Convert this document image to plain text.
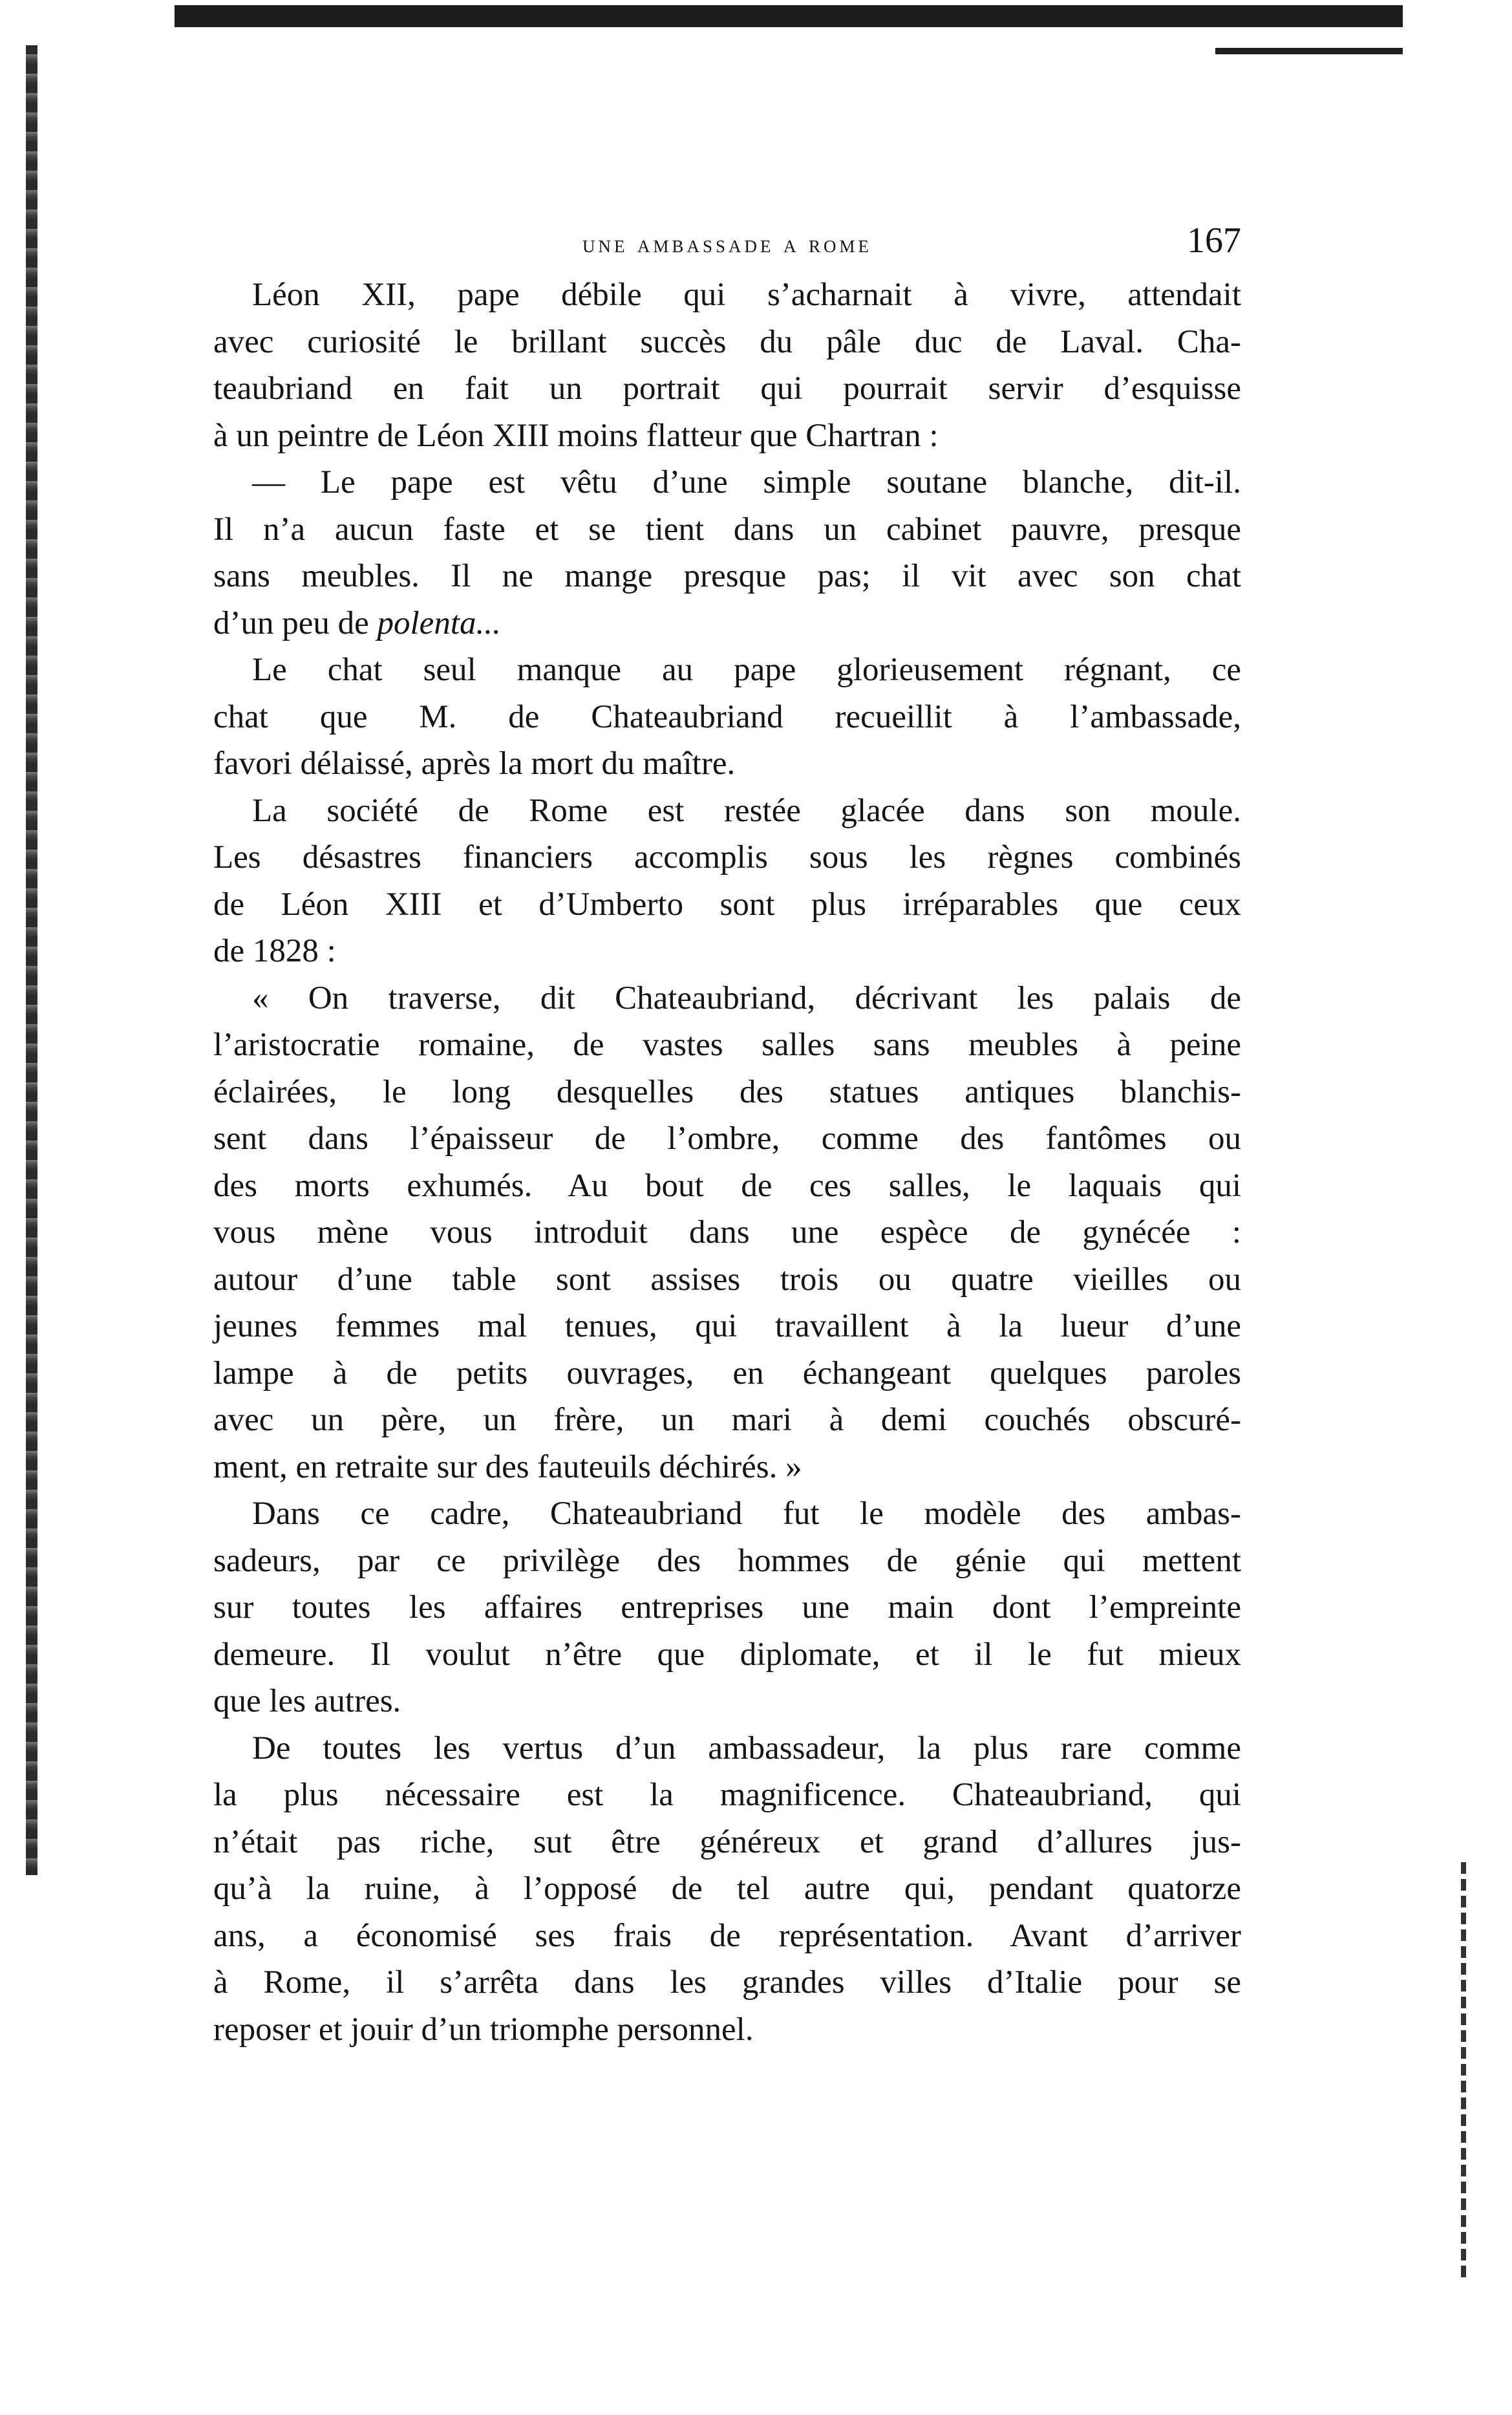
une ambassade a rome	167
Léon XII, pape débile qui s’acharnait à vivre, attendait
avec curiosité le brillant succès du pâle duc de Laval. Cha-
teaubriand en fait un portrait qui pourrait servir d’esquisse
à un peintre de Léon XIII moins flatteur que Chartran :
— Le pape est vêtu d’une simple soutane blanche, dit-il.
Il n’a aucun faste et se tient dans un cabinet pauvre, presque
sans meubles. Il ne mange presque pas; il vit avec son chat
d’un peu de polenta...
Le chat seul manque au pape glorieusement régnant, ce
chat que M. de Chateaubriand recueillit à l’ambassade,
favori délaissé, après la mort du maître.
La société de Rome est restée glacée dans son moule.
Les désastres financiers accomplis sous les règnes combinés
de Léon XIII et d’Umberto sont plus irréparables que ceux
de 1828 :
« On traverse, dit Chateaubriand, décrivant les palais de
l’aristocratie romaine, de vastes salles sans meubles à peine
éclairées, le long desquelles des statues antiques blanchis-
sent dans l’épaisseur de l’ombre, comme des fantômes ou
des morts exhumés. Au bout de ces salles, le laquais qui
vous mène vous introduit dans une espèce de gynécée :
autour d’une table sont assises trois ou quatre vieilles ou
jeunes femmes mal tenues, qui travaillent à la lueur d’une
lampe à de petits ouvrages, en échangeant quelques paroles
avec un père, un frère, un mari à demi couchés obscuré-
ment, en retraite sur des fauteuils déchirés. »
Dans ce cadre, Chateaubriand fut le modèle des ambas-
sadeurs, par ce privilège des hommes de génie qui mettent
sur toutes les affaires entreprises une main dont l’empreinte
demeure. Il voulut n’être que diplomate, et il le fut mieux
que les autres.
De toutes les vertus d’un ambassadeur, la plus rare comme
la plus nécessaire est la magnificence. Chateaubriand, qui
n’était pas riche, sut être généreux et grand d’allures jus-
qu’à la ruine, à l’opposé de tel autre qui, pendant quatorze
ans, a économisé ses frais de représentation. Avant d’arriver
à Rome, il s’arrêta dans les grandes villes d’Italie pour se
reposer et jouir d’un triomphe personnel.
